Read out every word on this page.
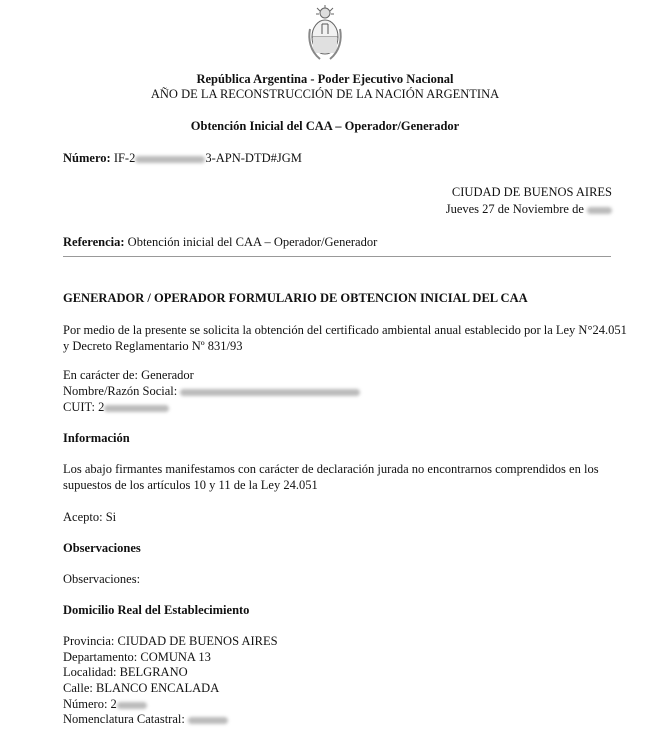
República Argentina - Poder Ejecutivo Nacional
AÑO DE LA RECONSTRUCCIÓN DE LA NACIÓN ARGENTINA
Obtención Inicial del CAA – Operador/Generador
Número: IF-2	3-APN-DTD#JGM
CIUDAD DE BUENOS AIRES
Jueves 27 de Noviembre de
Referencia: Obtención inicial del CAA – Operador/Generador
GENERADOR / OPERADOR FORMULARIO DE OBTENCION INICIAL DEL CAA
Por medio de la presente se solicita la obtención del certificado ambiental anual establecido por la Ley N°24.051
y Decreto Reglamentario Nº 831/93
En carácter de: Generador
Nombre/Razón Social:
CUIT: 2
Información
Los abajo firmantes manifestamos con carácter de declaración jurada no encontrarnos comprendidos en los
supuestos de los artículos 10 y 11 de la Ley 24.051
Acepto: Si
Observaciones
Observaciones:
Domicilio Real del Establecimiento
Provincia: CIUDAD DE BUENOS AIRES
Departamento: COMUNA 13
Localidad: BELGRANO
Calle: BLANCO ENCALADA
Número: 2
Nomenclatura Catastral:
